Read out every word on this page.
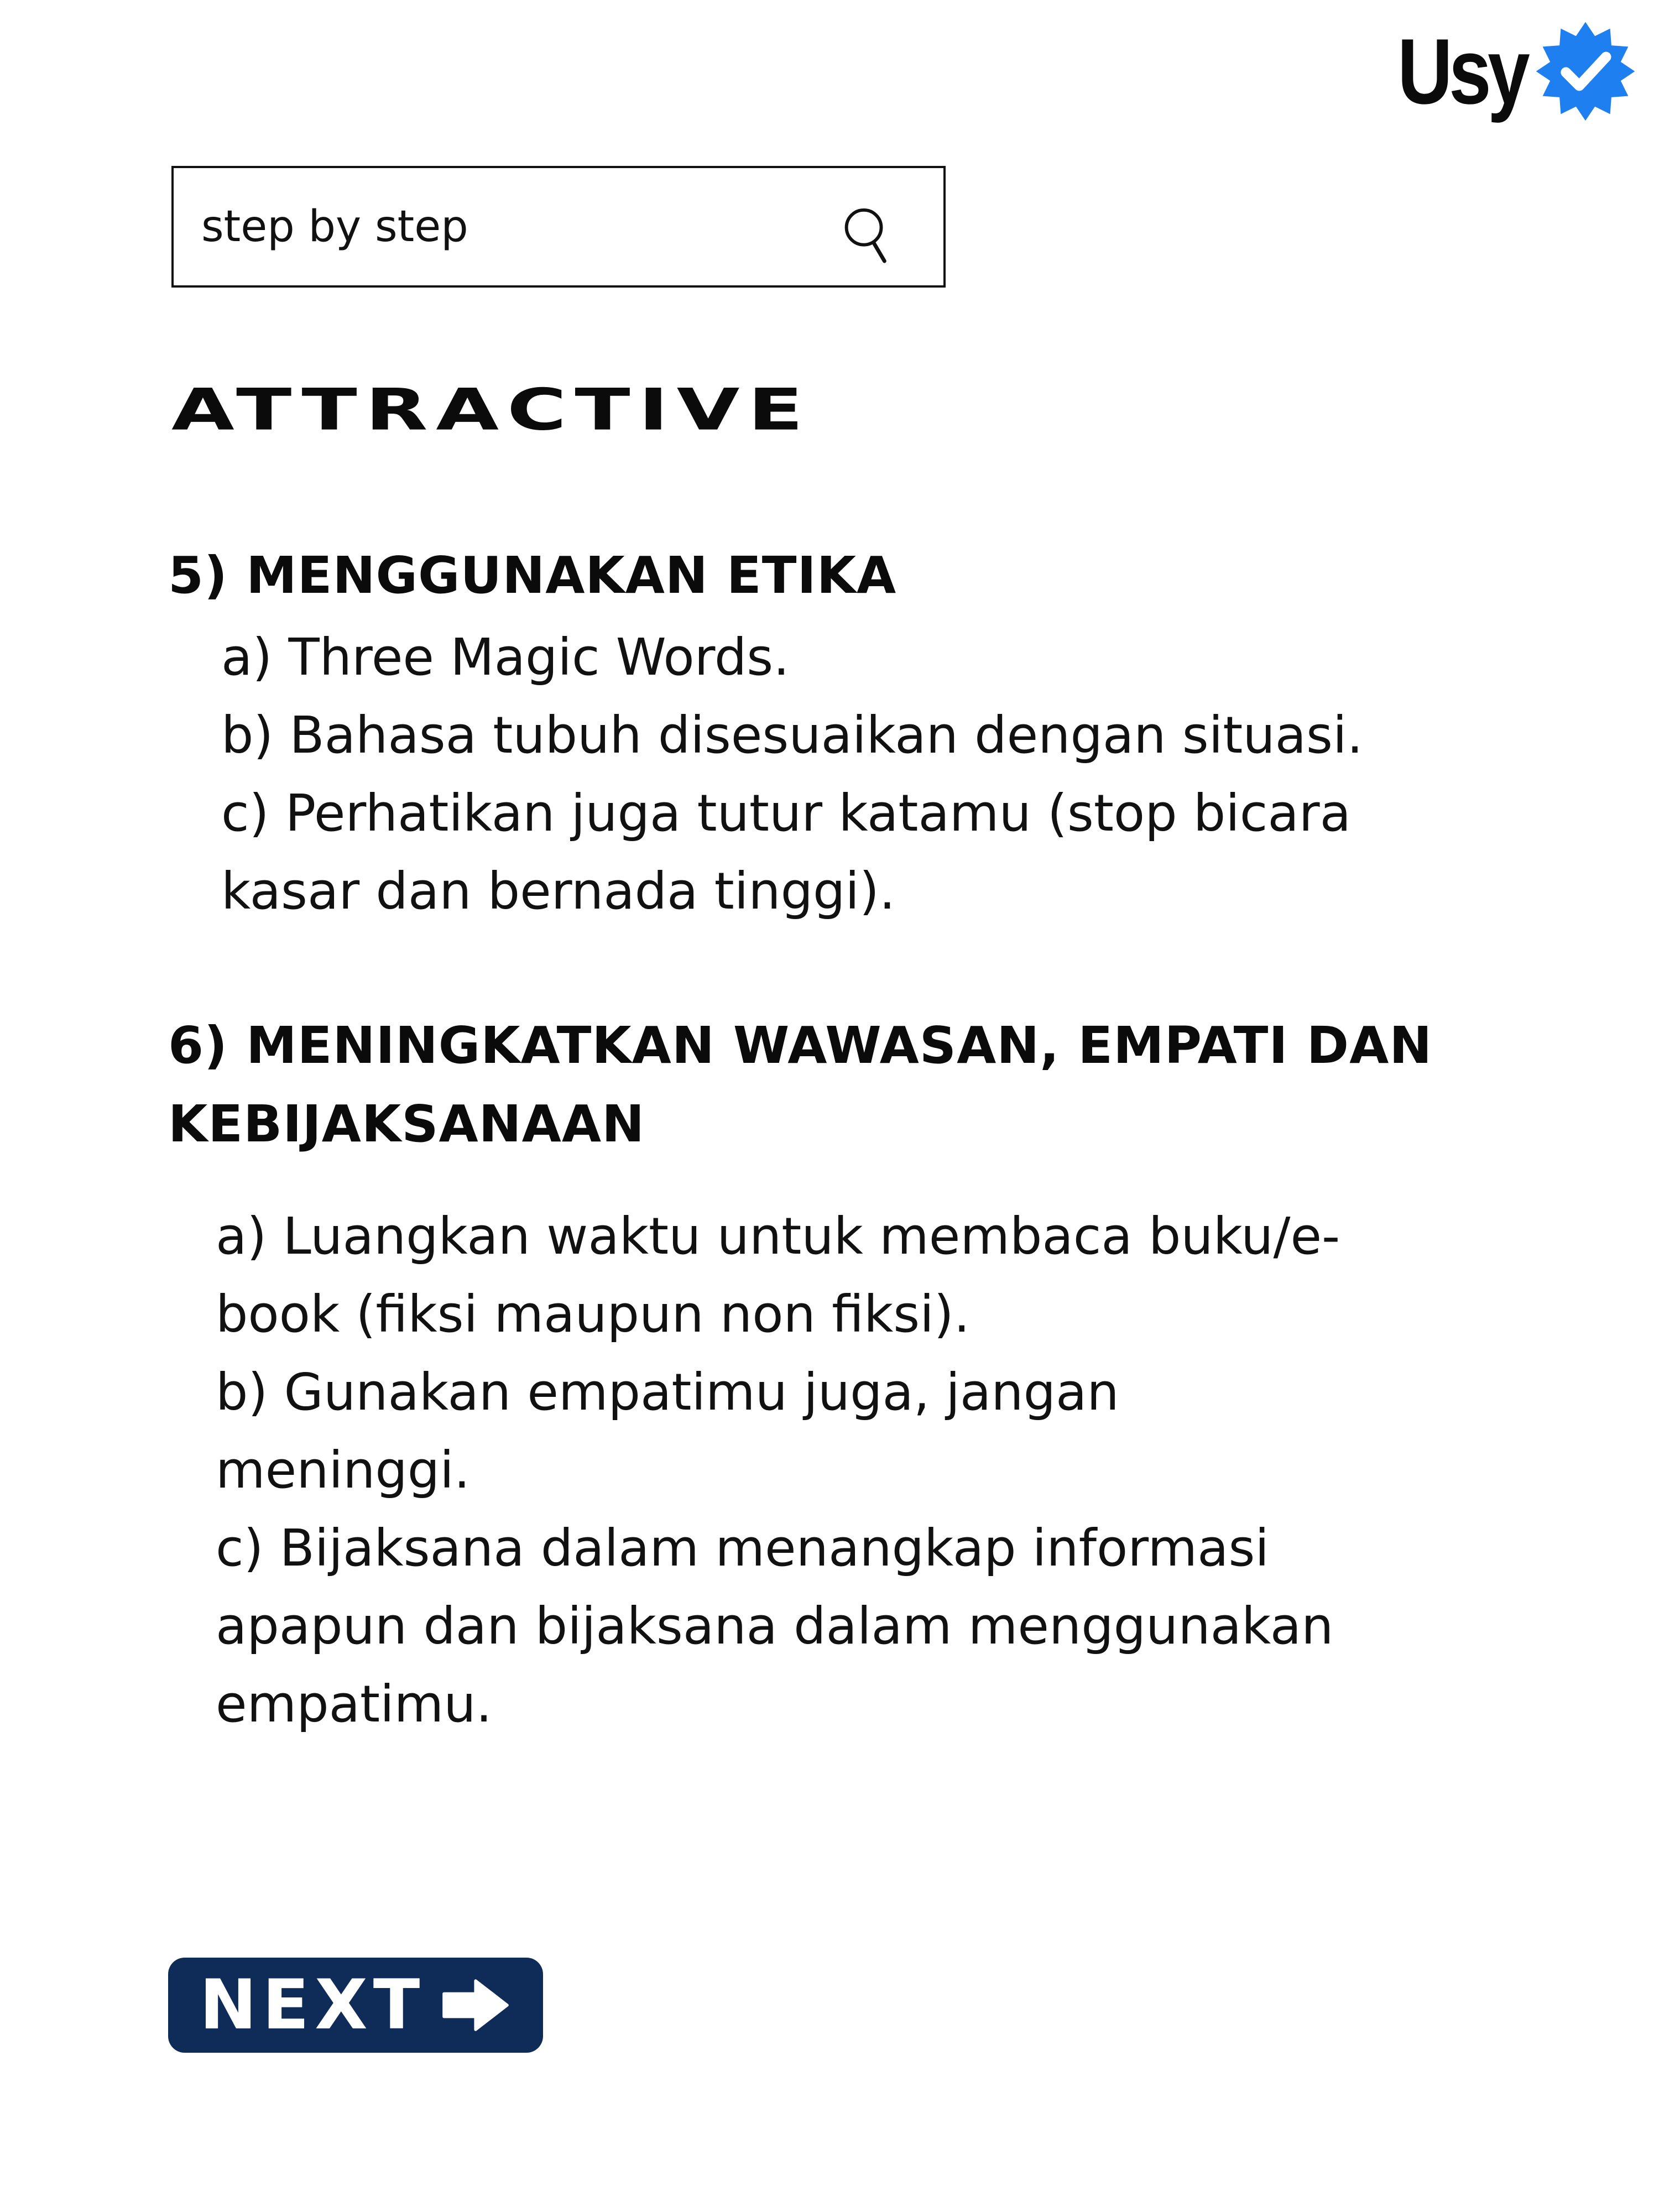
Usy
step by step
ATTRACTIVE
5) MENGGUNAKAN ETIKA
a) Three Magic Words.
b) Bahasa tubuh disesuaikan dengan situasi.
c) Perhatikan juga tutur katamu (stop bicara
kasar dan bernada tinggi).
6) MENINGKATKAN WAWASAN, EMPATI DAN
KEBIJAKSANAAN
a) Luangkan waktu untuk membaca buku/e-
book (fiksi maupun non fiksi).
b) Gunakan empatimu juga, jangan
meninggi.
c) Bijaksana dalam menangkap informasi
apapun dan bijaksana dalam menggunakan
empatimu.
NEXT
